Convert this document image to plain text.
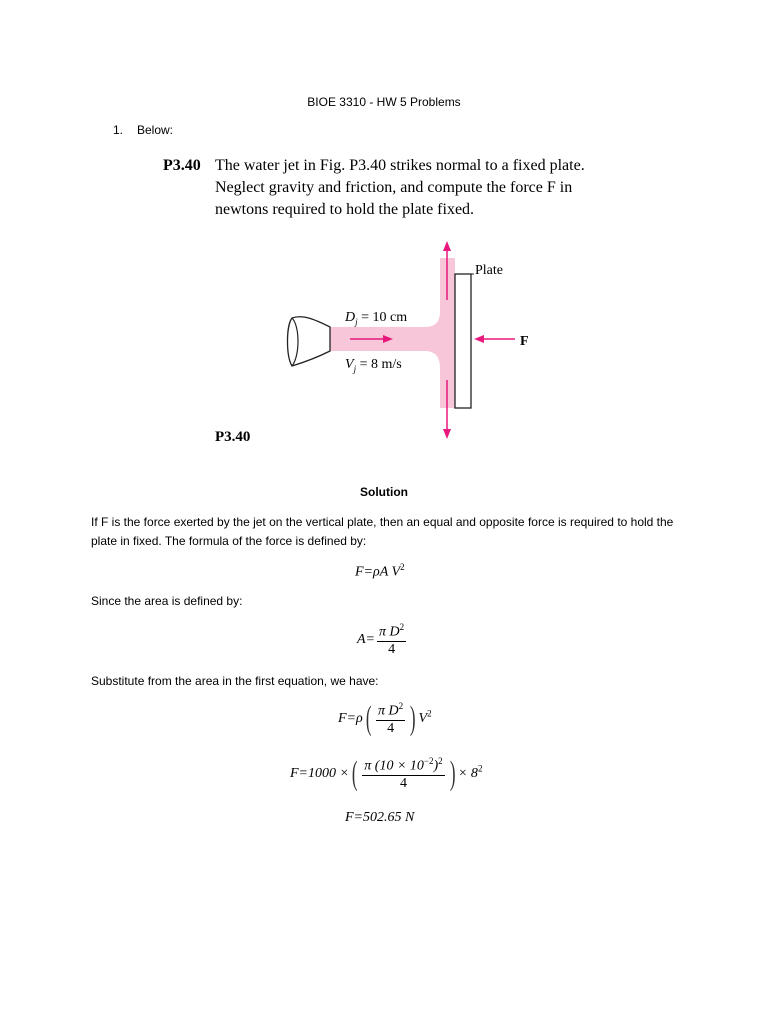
BIOE 3310 - HW 5 Problems
1. Below:
P3.40 The water jet in Fig. P3.40 strikes normal to a fixed plate.
Neglect gravity and friction, and compute the force F in
newtons required to hold the plate fixed.
Plate
$D_j = 10$ cm
$V_j = 8$ m/s
F
P3.40
Solution
If F is the force exerted by the jet on the vertical plate, then an equal and opposite force is required to hold the plate in fixed. The formula of the force is defined by:
F=ρA $V^2$
Since the area is defined by:
$A= \frac{\pi D^2}{4}$
Substitute from the area in the first equation, we have:
$F=\rho( \frac{\pi D^2}{4}$ ) $V^2$
F=1000 ×( $\frac{\pi (10 \times 10^{-2})^2}{4}$ ) × $8^2$
F=502.65 N
